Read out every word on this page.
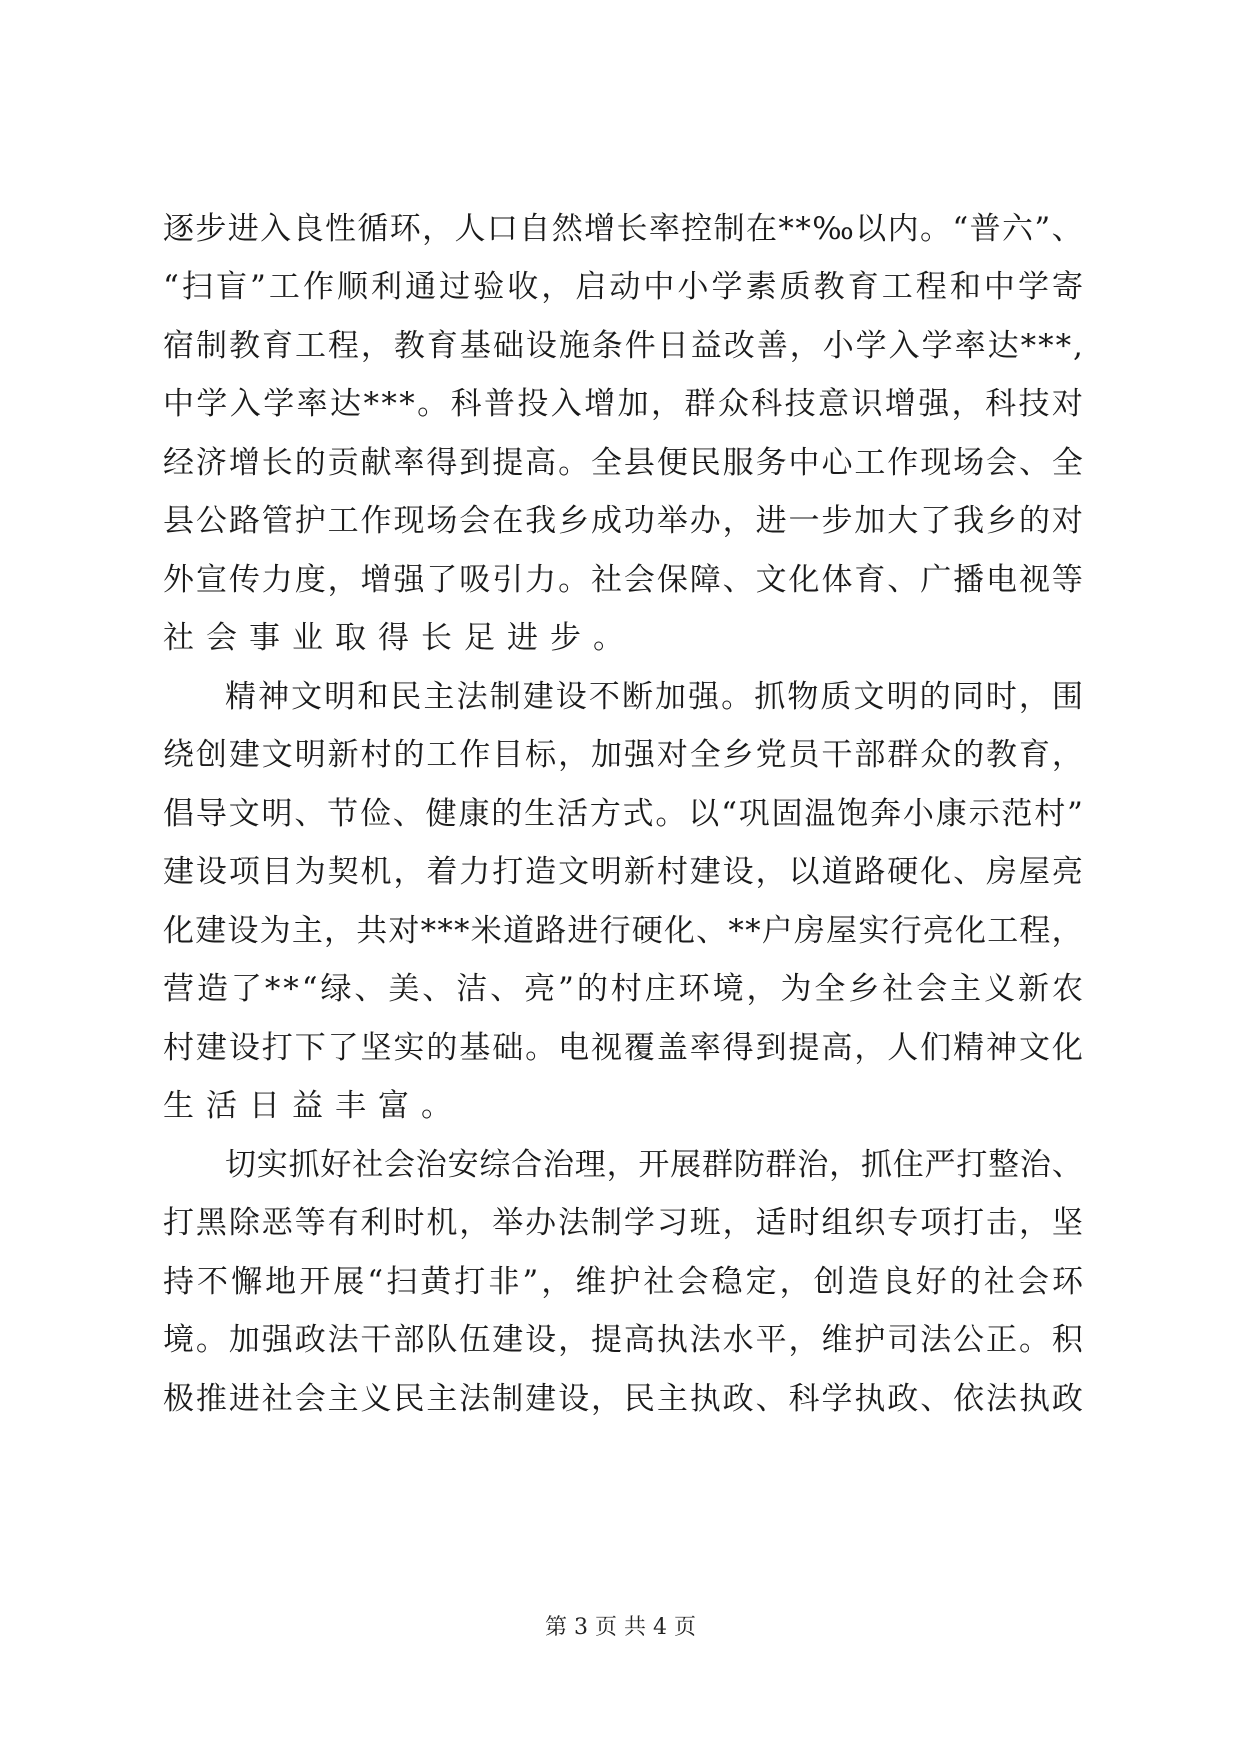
逐 步 进 入 良 性 循 环 ， 人 口 自 然 增 长 率 控 制 在 * * ‰ 以 内 。 “ 普 六 ” 、
“ 扫 盲 ” 工 作 顺 利 通 过 验 收 ， 启 动 中 小 学 素 质 教 育 工 程 和 中 学 寄
宿 制 教 育 工 程 ， 教 育 基 础 设 施 条 件 日 益 改 善 ， 小 学 入 学 率 达 * * * ,
中 学 入 学 率 达 * * * 。 科 普 投 入 增 加 ， 群 众 科 技 意 识 增 强 ， 科 技 对
经 济 增 长 的 贡 献 率 得 到 提 高 。 全 县 便 民 服 务 中 心 工 作 现 场 会 、 全
县 公 路 管 护 工 作 现 场 会 在 我 乡 成 功 举 办 ， 进 一 步 加 大 了 我 乡 的 对
外 宣 传 力 度 ， 增 强 了 吸 引 力 。 社 会 保 障 、 文 化 体 育 、 广 播 电 视 等
社 会 事 业 取 得 长 足 进 步 。
精 神 文 明 和 民 主 法 制 建 设 不 断 加 强 。 抓 物 质 文 明 的 同 时 ， 围
绕 创 建 文 明 新 村 的 工 作 目 标 ， 加 强 对 全 乡 党 员 干 部 群 众 的 教 育 ，
倡 导 文 明 、 节 俭 、 健 康 的 生 活 方 式 。 以 “ 巩 固 温 饱 奔 小 康 示 范 村 ”
建 设 项 目 为 契 机 ， 着 力 打 造 文 明 新 村 建 设 ， 以 道 路 硬 化 、 房 屋 亮
化 建 设 为 主 ， 共 对 * * * 米 道 路 进 行 硬 化 、 * * 户 房 屋 实 行 亮 化 工 程 ，
营 造 了 * * “ 绿 、 美 、 洁 、 亮 ” 的 村 庄 环 境 ， 为 全 乡 社 会 主 义 新 农
村 建 设 打 下 了 坚 实 的 基 础 。 电 视 覆 盖 率 得 到 提 高 ， 人 们 精 神 文 化
生 活 日 益 丰 富 。
切 实 抓 好 社 会 治 安 综 合 治 理 ， 开 展 群 防 群 治 ， 抓 住 严 打 整 治 、
打 黑 除 恶 等 有 利 时 机 ， 举 办 法 制 学 习 班 ， 适 时 组 织 专 项 打 击 ， 坚
持 不 懈 地 开 展 “ 扫 黄 打 非 ” ， 维 护 社 会 稳 定 ， 创 造 良 好 的 社 会 环
境 。 加 强 政 法 干 部 队 伍 建 设 ， 提 高 执 法 水 平 ， 维 护 司 法 公 正 。 积
极 推 进 社 会 主 义 民 主 法 制 建 设 ， 民 主 执 政 、 科 学 执 政 、 依 法 执 政
第 3 页 共 4 页
